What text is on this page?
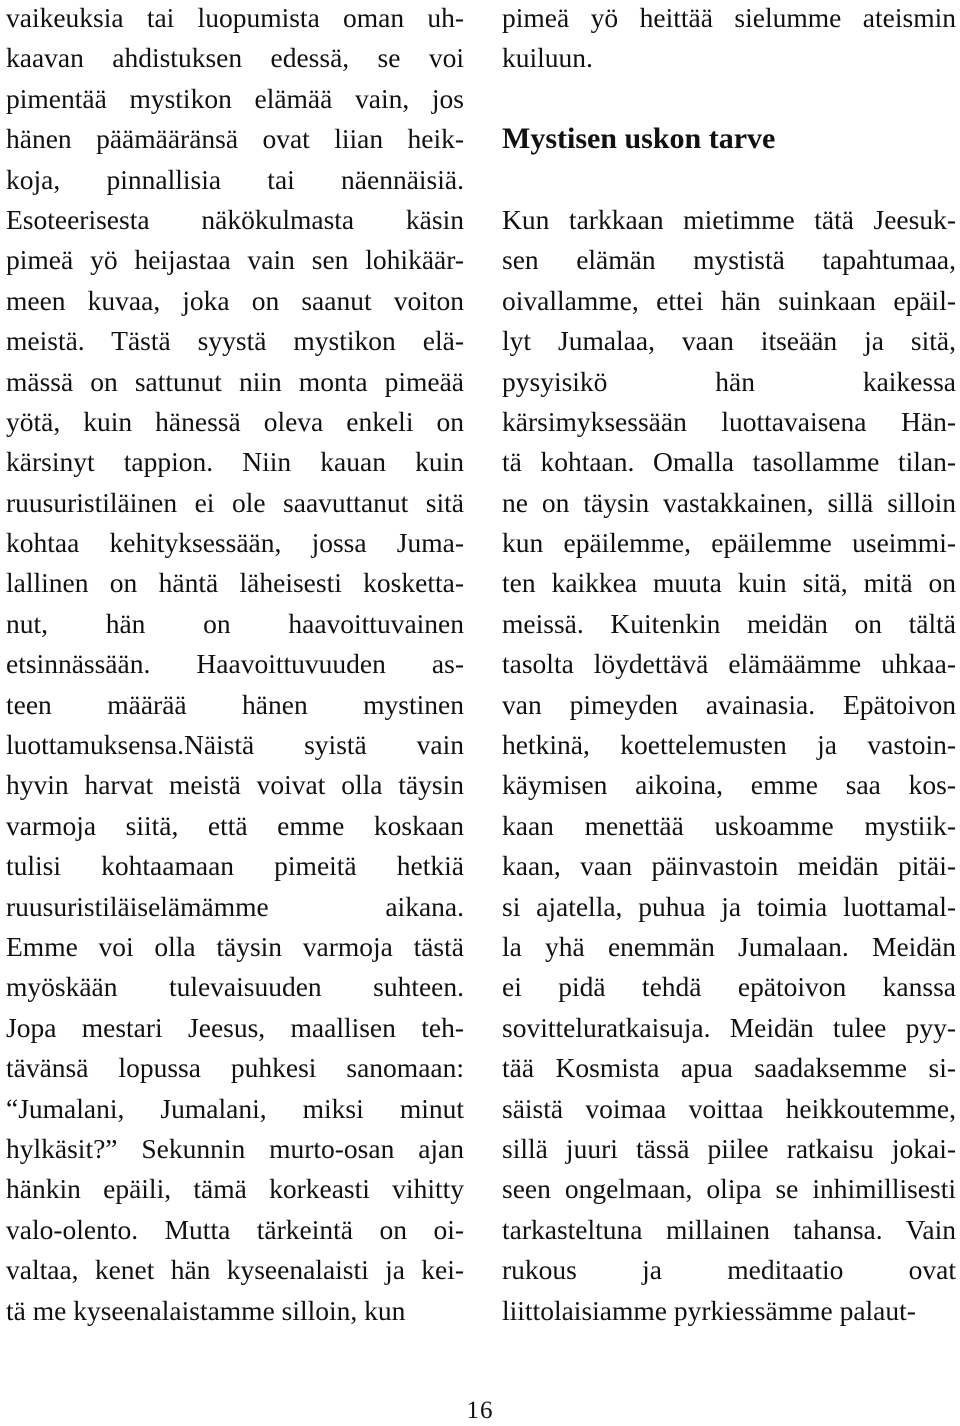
vaikeuksia tai luopumista oman uh-
kaavan ahdistuksen edessä, se voi
pimentää mystikon elämää vain, jos
hänen päämääränsä ovat liian heik-
koja, pinnallisia tai näennäisiä.
Esoteerisesta näkökulmasta käsin
pimeä yö heijastaa vain sen lohikäär-
meen kuvaa, joka on saanut voiton
meistä. Tästä syystä mystikon elä-
mässä on sattunut niin monta pimeää
yötä, kuin hänessä oleva enkeli on
kärsinyt tappion. Niin kauan kuin
ruusuristiläinen ei ole saavuttanut sitä
kohtaa kehityksessään, jossa Juma-
lallinen on häntä läheisesti kosketta-
nut, hän on haavoittuvainen
etsinnässään. Haavoittuvuuden as-
teen määrää hänen mystinen
luottamuksensa.Näistä syistä vain
hyvin harvat meistä voivat olla täysin
varmoja siitä, että emme koskaan
tulisi kohtaamaan pimeitä hetkiä
ruusuristiläiselämämme aikana.
Emme voi olla täysin varmoja tästä
myöskään tulevaisuuden suhteen.
Jopa mestari Jeesus, maallisen teh-
tävänsä lopussa puhkesi sanomaan:
“Jumalani, Jumalani, miksi minut
hylkäsit?” Sekunnin murto-osan ajan
hänkin epäili, tämä korkeasti vihitty
valo-olento. Mutta tärkeintä on oi-
valtaa, kenet hän kyseenalaisti ja kei-
tä me kyseenalaistamme silloin, kun
pimeä yö heittää sielumme ateismin
kuiluun.
Mystisen uskon tarve
Kun tarkkaan mietimme tätä Jeesuk-
sen elämän mystistä tapahtumaa,
oivallamme, ettei hän suinkaan epäil-
lyt Jumalaa, vaan itseään ja sitä,
pysyisikö hän kaikessa
kärsimyksessään luottavaisena Hän-
tä kohtaan. Omalla tasollamme tilan-
ne on täysin vastakkainen, sillä silloin
kun epäilemme, epäilemme useimmi-
ten kaikkea muuta kuin sitä, mitä on
meissä. Kuitenkin meidän on tältä
tasolta löydettävä elämäämme uhkaa-
van pimeyden avainasia. Epätoivon
hetkinä, koettelemusten ja vastoin-
käymisen aikoina, emme saa kos-
kaan menettää uskoamme mystiik-
kaan, vaan päinvastoin meidän pitäi-
si ajatella, puhua ja toimia luottamal-
la yhä enemmän Jumalaan. Meidän
ei pidä tehdä epätoivon kanssa
sovitteluratkaisuja. Meidän tulee pyy-
tää Kosmista apua saadaksemme si-
säistä voimaa voittaa heikkoutemme,
sillä juuri tässä piilee ratkaisu jokai-
seen ongelmaan, olipa se inhimillisesti
tarkasteltuna millainen tahansa. Vain
rukous ja meditaatio ovat
liittolaisiamme pyrkiessämme palaut-
16
